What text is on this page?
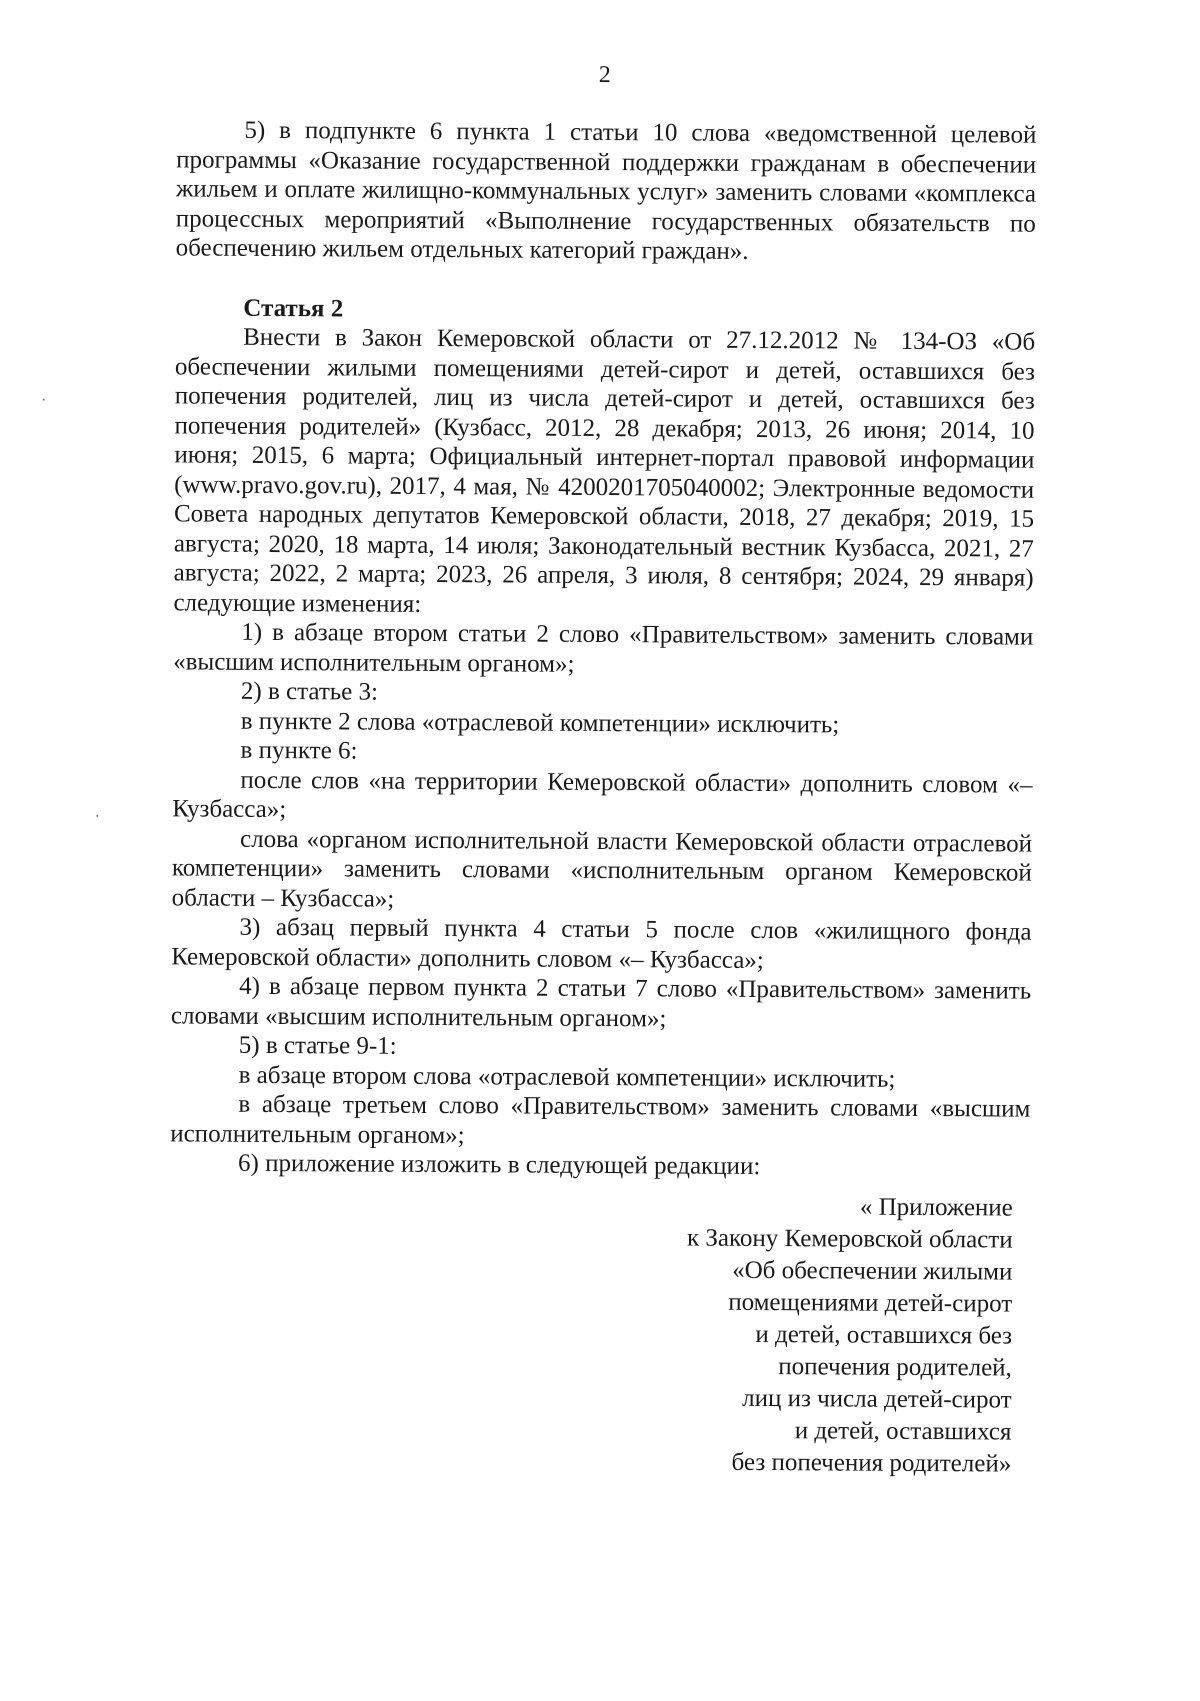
2

5) в подпункте 6 пункта 1 статьи 10 слова «ведомственной целевой программы «Оказание государственной поддержки гражданам в обеспечении жильем и оплате жилищно-коммунальных услуг» заменить словами «комплекса процессных мероприятий «Выполнение государственных обязательств по обеспечению жильем отдельных категорий граждан».

Статья 2

Внести в Закон Кемеровской области от 27.12.2012 № 134-ОЗ «Об обеспечении жилыми помещениями детей-сирот и детей, оставшихся без попечения родителей, лиц из числа детей-сирот и детей, оставшихся без попечения родителей» (Кузбасс, 2012, 28 декабря; 2013, 26 июня; 2014, 10 июня; 2015, 6 марта; Официальный интернет-портал правовой информации (www.pravo.gov.ru), 2017, 4 мая, № 4200201705040002; Электронные ведомости Совета народных депутатов Кемеровской области, 2018, 27 декабря; 2019, 15 августа; 2020, 18 марта, 14 июля; Законодательный вестник Кузбасса, 2021, 27 августа; 2022, 2 марта; 2023, 26 апреля, 3 июля, 8 сентября; 2024, 29 января) следующие изменения:

1) в абзаце втором статьи 2 слово «Правительством» заменить словами «высшим исполнительным органом»;

2) в статье 3:

в пункте 2 слова «отраслевой компетенции» исключить;

в пункте 6:

после слов «на территории Кемеровской области» дополнить словом «– Кузбасса»;

слова «органом исполнительной власти Кемеровской области отраслевой компетенции» заменить словами «исполнительным органом Кемеровской области – Кузбасса»;

3) абзац первый пункта 4 статьи 5 после слов «жилищного фонда Кемеровской области» дополнить словом «– Кузбасса»;

4) в абзаце первом пункта 2 статьи 7 слово «Правительством» заменить словами «высшим исполнительным органом»;

5) в статье 9-1:

в абзаце втором слова «отраслевой компетенции» исключить;

в абзаце третьем слово «Правительством» заменить словами «высшим исполнительным органом»;

6) приложение изложить в следующей редакции:

« Приложение
к Закону Кемеровской области
«Об обеспечении жилыми
помещениями детей-сирот
и детей, оставшихся без
попечения родителей,
лиц из числа детей-сирот
и детей, оставшихся
без попечения родителей»
